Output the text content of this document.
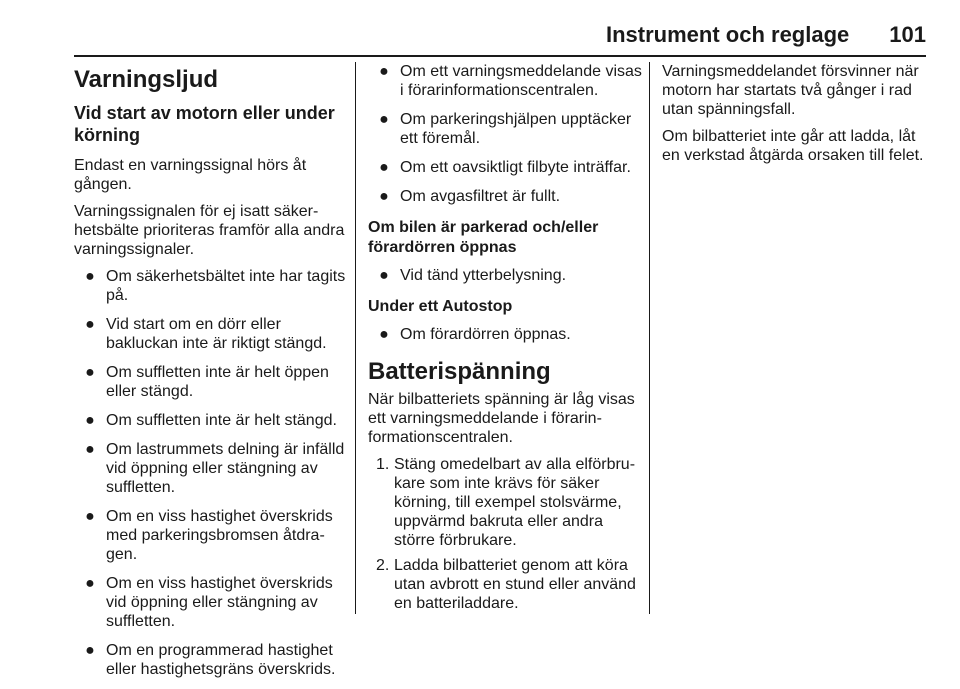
Instrument och reglage 101
Varningsljud
Vid start av motorn eller under körning

Endast en varningssignal hörs åt gången.

Varningssignalen för ej isatt säkerhetsbälte prioriteras framför alla andra varningssignaler.

● Om säkerhetsbältet inte har tagits på.
● Vid start om en dörr eller bakluckan inte är riktigt stängd.
● Om suffletten inte är helt öppen eller stängd.
● Om suffletten inte är helt stängd.
● Om lastrummets delning är infälld vid öppning eller stängning av suffletten.
● Om en viss hastighet överskrids med parkeringsbromsen åtdragen.
● Om en viss hastighet överskrids vid öppning eller stängning av suffletten.
● Om en programmerad hastighet eller hastighetsgräns överskrids.
● Om ett varningsmeddelande visas i förarinformationscentralen.
● Om parkeringshjälpen upptäcker ett föremål.
● Om ett oavsiktligt filbyte inträffar.
● Om avgasfiltret är fullt.
Om bilen är parkerad och/eller förardörren öppnas
● Vid tänd ytterbelysning.
Under ett Autostop
● Om förardörren öppnas.
Batterispänning

När bilbatteriets spänning är låg visas ett varningsmeddelande i förarinformationscentralen.

1. Stäng omedelbart av alla elförbrukare som inte krävs för säker körning, till exempel stolsvärme, uppvärmd bakruta eller andra större förbrukare.
2. Ladda bilbatteriet genom att köra utan avbrott en stund eller använd en batteriladdare.

Varningsmeddelandet försvinner när motorn har startats två gånger i rad utan spänningsfall.

Om bilbatteriet inte går att ladda, låt en verkstad åtgärda orsaken till felet.
